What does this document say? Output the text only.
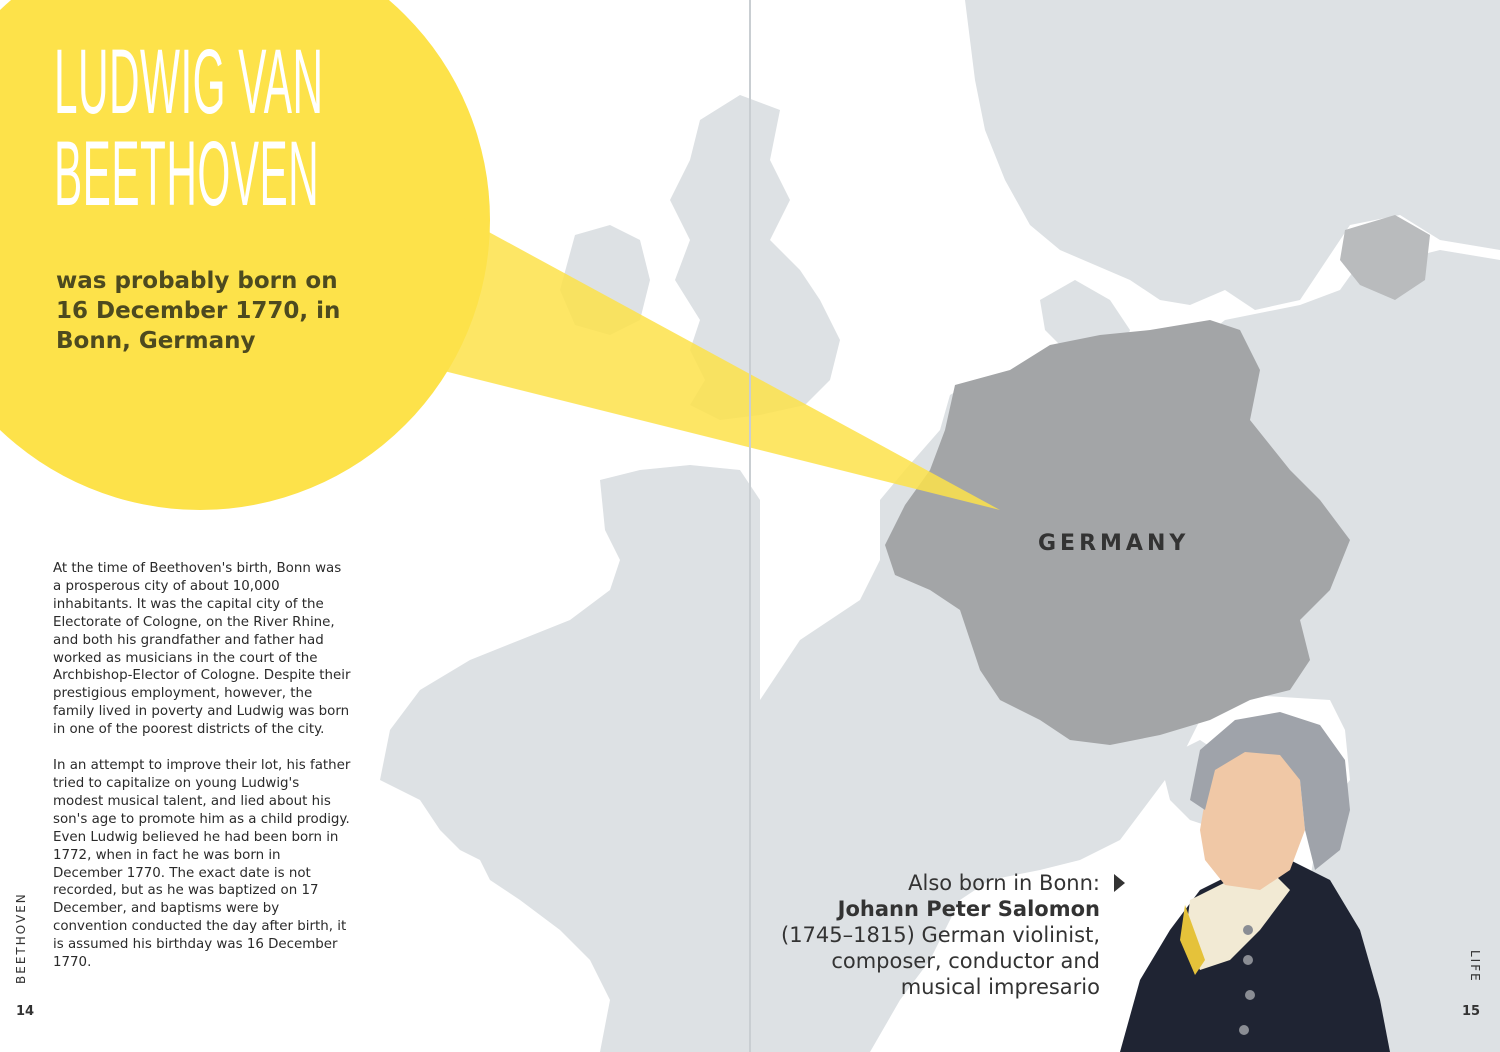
LUDWIG VAN
BEETHOVEN
was probably born on 16 December 1770, in Bonn, Germany

At the time of Beethoven's birth, Bonn was a prosperous city of about 10,000 inhabitants. It was the capital city of the Electorate of Cologne, on the River Rhine, and both his grandfather and father had worked as musicians in the court of the Archbishop-Elector of Cologne. Despite their prestigious employment, however, the family lived in poverty and Ludwig was born in one of the poorest districts of the city.

In an attempt to improve their lot, his father tried to capitalize on young Ludwig's modest musical talent, and lied about his son's age to promote him as a child prodigy. Even Ludwig believed he had been born in 1772, when in fact he was born in December 1770. The exact date is not recorded, but as he was baptized on 17 December, and baptisms were by convention conducted the day after birth, it is assumed his birthday was 16 December 1770.

GERMANY
Also born in Bonn:
Johann Peter Salomon
(1745–1815) German violinist,
composer, conductor and
musical impresario
BEETHOVEN	LIFE
14	15
